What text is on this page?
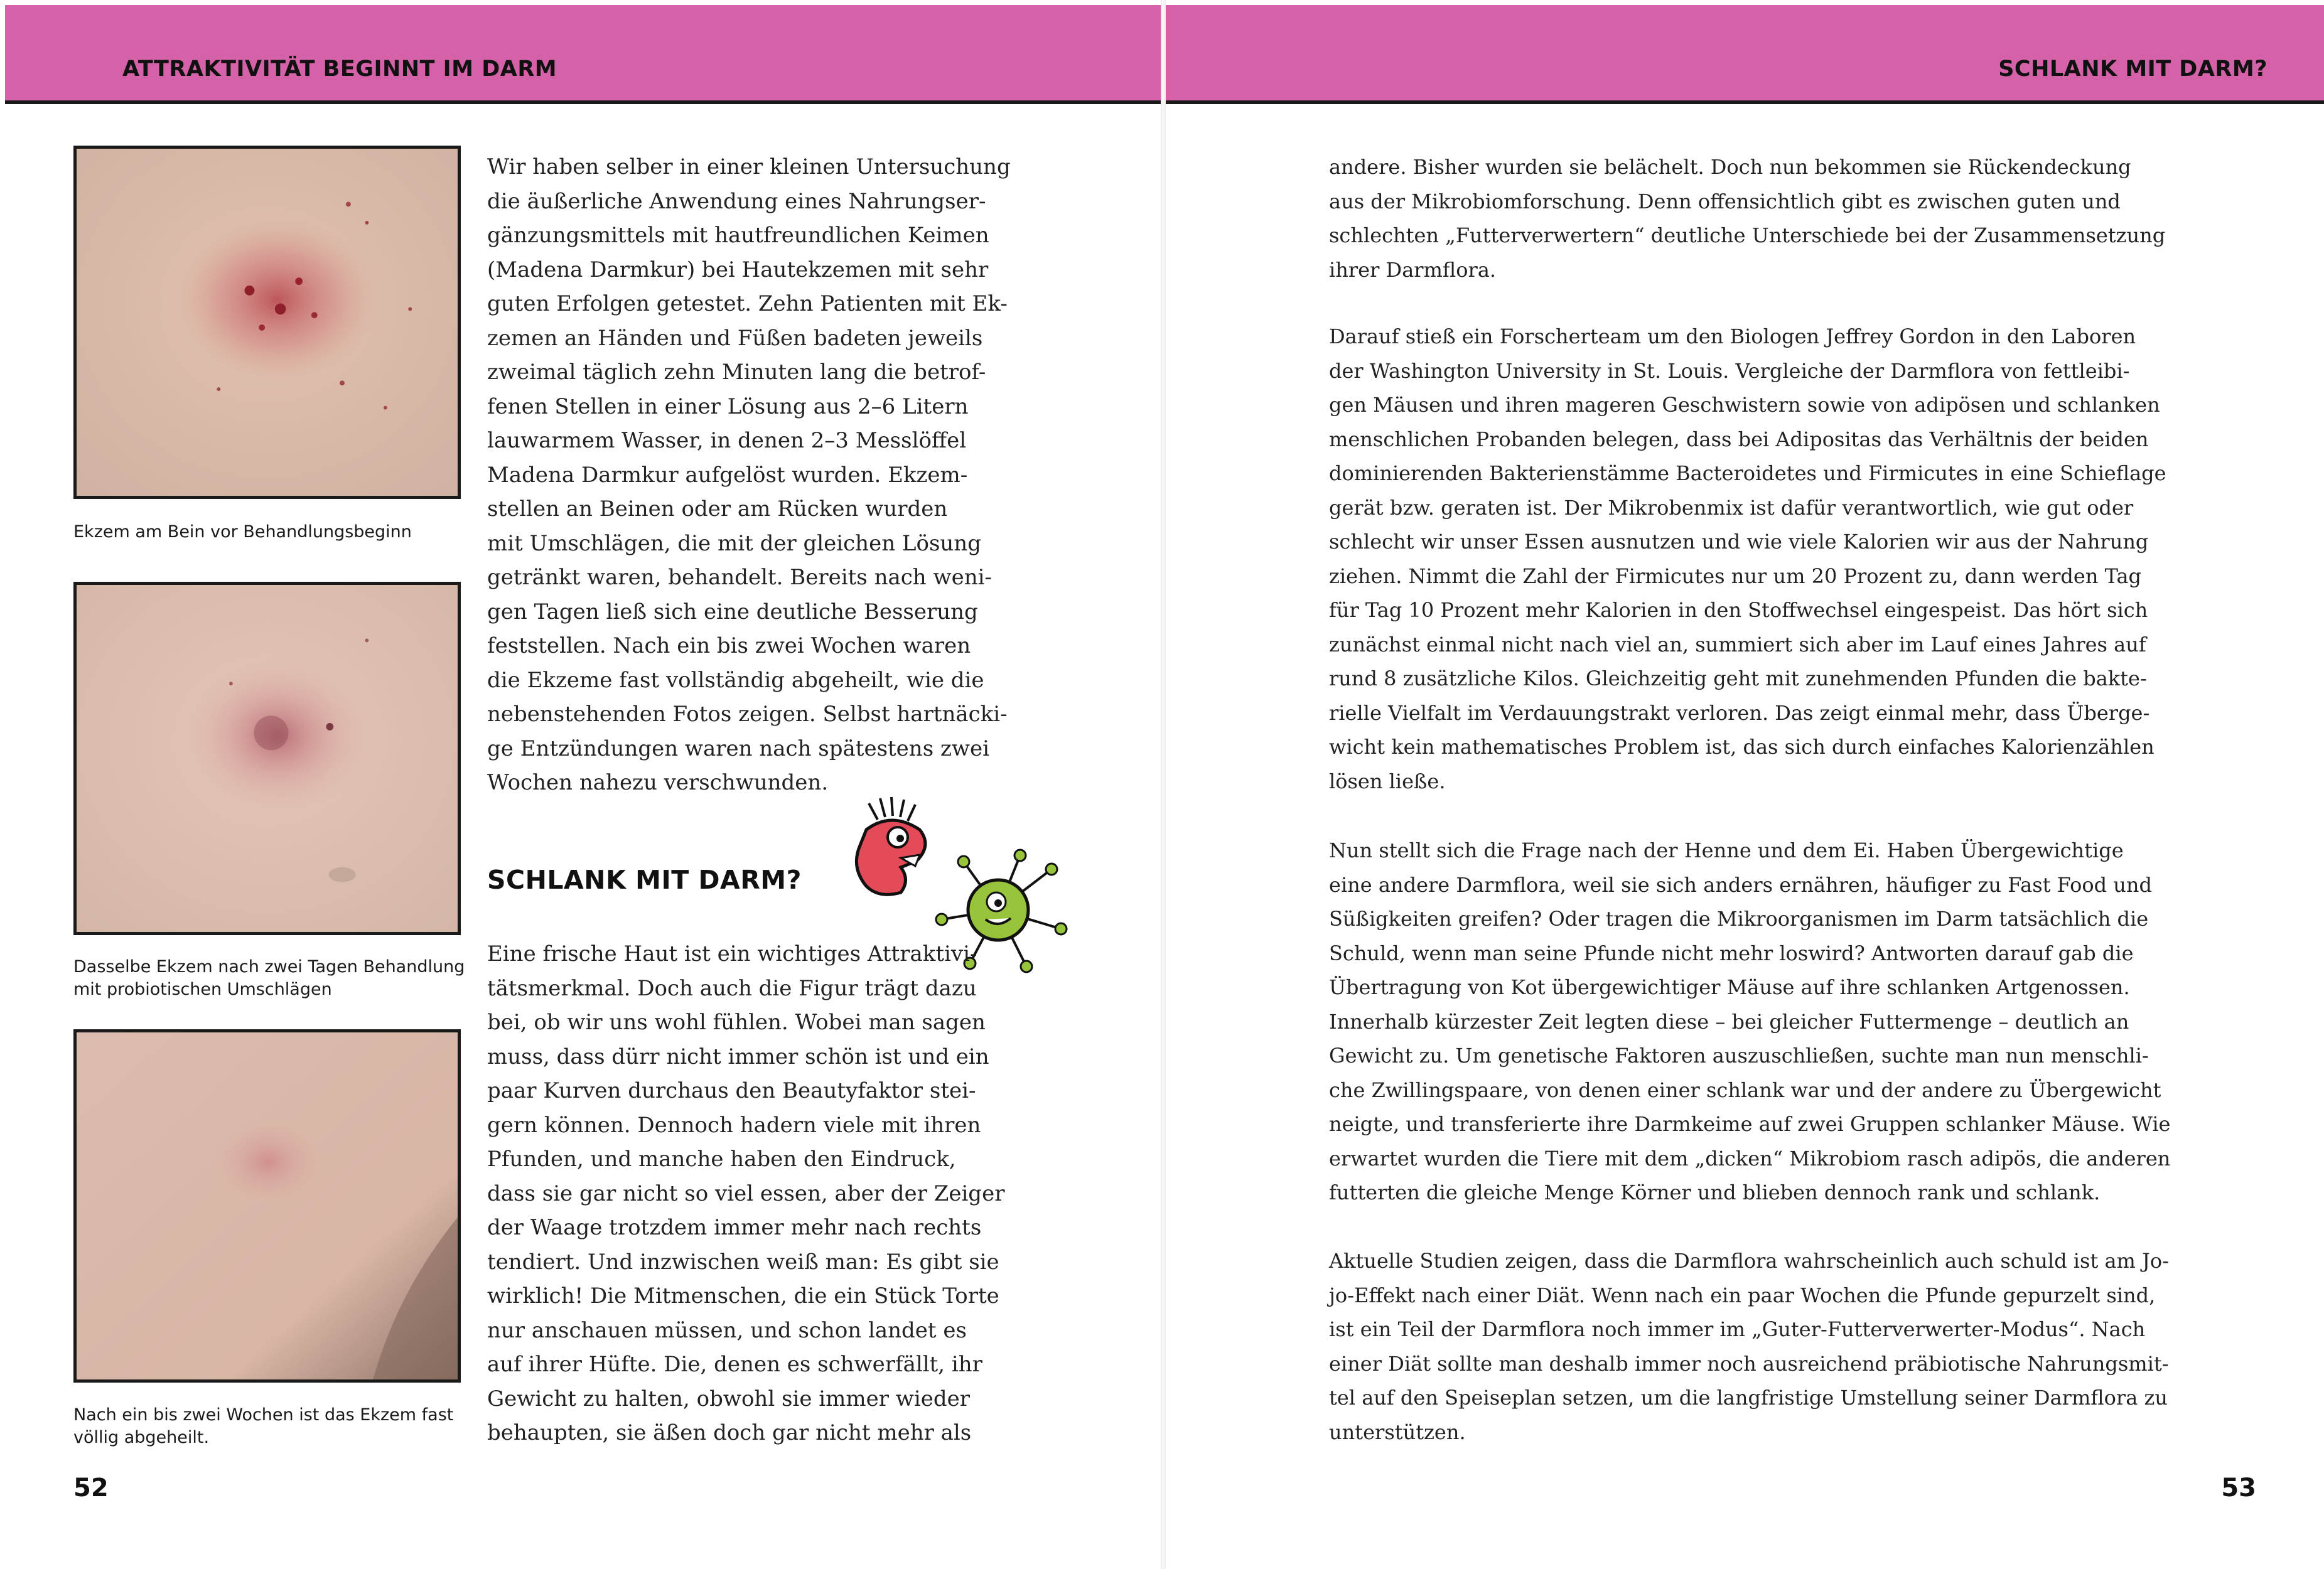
ATTRAKTIVITÄT BEGINNT IM DARM
Ekzem am Bein vor Behandlungsbeginn
Dasselbe Ekzem nach zwei Tagen Behandlung
mit probiotischen Umschlägen
Nach ein bis zwei Wochen ist das Ekzem fast
völlig abgeheilt.
Wir haben selber in einer kleinen Untersuchung
die äußerliche Anwendung eines Nahrungser-
gänzungsmittels mit hautfreundlichen Keimen
(Madena Darmkur) bei Hautekzemen mit sehr
guten Erfolgen getestet. Zehn Patienten mit Ek-
zemen an Händen und Füßen badeten jeweils
zweimal täglich zehn Minuten lang die betrof-
fenen Stellen in einer Lösung aus 2–6 Litern
lauwarmem Wasser, in denen 2–3 Messlöffel
Madena Darmkur aufgelöst wurden. Ekzem-
stellen an Beinen oder am Rücken wurden
mit Umschlägen, die mit der gleichen Lösung
getränkt waren, behandelt. Bereits nach weni-
gen Tagen ließ sich eine deutliche Besserung
feststellen. Nach ein bis zwei Wochen waren
die Ekzeme fast vollständig abgeheilt, wie die
nebenstehenden Fotos zeigen. Selbst hartnäcki-
ge Entzündungen waren nach spätestens zwei
Wochen nahezu verschwunden.
SCHLANK MIT DARM?
Eine frische Haut ist ein wichtiges Attraktivi-
tätsmerkmal. Doch auch die Figur trägt dazu
bei, ob wir uns wohl fühlen. Wobei man sagen
muss, dass dürr nicht immer schön ist und ein
paar Kurven durchaus den Beautyfaktor stei-
gern können. Dennoch hadern viele mit ihren
Pfunden, und manche haben den Eindruck,
dass sie gar nicht so viel essen, aber der Zeiger
der Waage trotzdem immer mehr nach rechts
tendiert. Und inzwischen weiß man: Es gibt sie
wirklich! Die Mitmenschen, die ein Stück Torte
nur anschauen müssen, und schon landet es
auf ihrer Hüfte. Die, denen es schwerfällt, ihr
Gewicht zu halten, obwohl sie immer wieder
behaupten, sie äßen doch gar nicht mehr als
52
SCHLANK MIT DARM?
andere. Bisher wurden sie belächelt. Doch nun bekommen sie Rückendeckung
aus der Mikrobiomforschung. Denn offensichtlich gibt es zwischen guten und
schlechten „Futterverwertern“ deutliche Unterschiede bei der Zusammensetzung
ihrer Darmflora.
Darauf stieß ein Forscherteam um den Biologen Jeffrey Gordon in den Laboren
der Washington University in St. Louis. Vergleiche der Darmflora von fettleibi-
gen Mäusen und ihren mageren Geschwistern sowie von adipösen und schlanken
menschlichen Probanden belegen, dass bei Adipositas das Verhältnis der beiden
dominierenden Bakterienstämme Bacteroidetes und Firmicutes in eine Schieflage
gerät bzw. geraten ist. Der Mikrobenmix ist dafür verantwortlich, wie gut oder
schlecht wir unser Essen ausnutzen und wie viele Kalorien wir aus der Nahrung
ziehen. Nimmt die Zahl der Firmicutes nur um 20 Prozent zu, dann werden Tag
für Tag 10 Prozent mehr Kalorien in den Stoffwechsel eingespeist. Das hört sich
zunächst einmal nicht nach viel an, summiert sich aber im Lauf eines Jahres auf
rund 8 zusätzliche Kilos. Gleichzeitig geht mit zunehmenden Pfunden die bakte-
rielle Vielfalt im Verdauungstrakt verloren. Das zeigt einmal mehr, dass Überge-
wicht kein mathematisches Problem ist, das sich durch einfaches Kalorienzählen
lösen ließe.
Nun stellt sich die Frage nach der Henne und dem Ei. Haben Übergewichtige
eine andere Darmflora, weil sie sich anders ernähren, häufiger zu Fast Food und
Süßigkeiten greifen? Oder tragen die Mikroorganismen im Darm tatsächlich die
Schuld, wenn man seine Pfunde nicht mehr loswird? Antworten darauf gab die
Übertragung von Kot übergewichtiger Mäuse auf ihre schlanken Artgenossen.
Innerhalb kürzester Zeit legten diese – bei gleicher Futtermenge – deutlich an
Gewicht zu. Um genetische Faktoren auszuschließen, suchte man nun menschli-
che Zwillingspaare, von denen einer schlank war und der andere zu Übergewicht
neigte, und transferierte ihre Darmkeime auf zwei Gruppen schlanker Mäuse. Wie
erwartet wurden die Tiere mit dem „dicken“ Mikrobiom rasch adipös, die anderen
futterten die gleiche Menge Körner und blieben dennoch rank und schlank.
Aktuelle Studien zeigen, dass die Darmflora wahrscheinlich auch schuld ist am Jo-
jo-Effekt nach einer Diät. Wenn nach ein paar Wochen die Pfunde gepurzelt sind,
ist ein Teil der Darmflora noch immer im „Guter-Futterverwerter-Modus“. Nach
einer Diät sollte man deshalb immer noch ausreichend präbiotische Nahrungsmit-
tel auf den Speiseplan setzen, um die langfristige Umstellung seiner Darmflora zu
unterstützen.
53
